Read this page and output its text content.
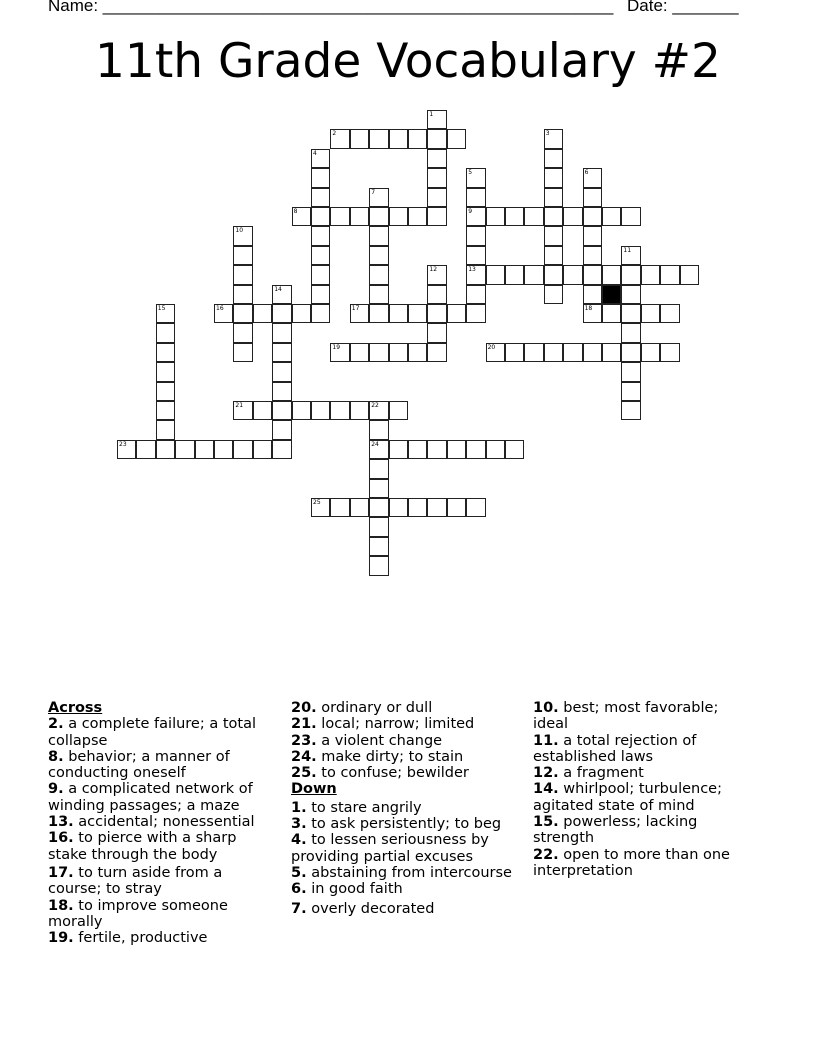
Name: ______________________________________________________ Date: _______
11th Grade Vocabulary #2
1
2	3
4
5
9
13
6
18
7
8
10
11
12
14
15	16	17
19	20
21	22
24
23
25
Across
2. a complete failure; a total collapse
8. behavior; a manner of conducting oneself
9. a complicated network of winding passages; a maze
13. accidental; nonessential
16. to pierce with a sharp stake through the body
17. to turn aside from a course; to stray
18. to improve someone morally
19. fertile, productive
20. ordinary or dull
21. local; narrow; limited
23. a violent change
24. make dirty; to stain
25. to confuse; bewilder
Down
1. to stare angrily
3. to ask persistently; to beg
4. to lessen seriousness by providing partial excuses
5. abstaining from intercourse
6. in good faith
7. overly decorated
10. best; most favorable; ideal
11. a total rejection of established laws
12. a fragment
14. whirlpool; turbulence; agitated state of mind
15. powerless; lacking strength
22. open to more than one interpretation
